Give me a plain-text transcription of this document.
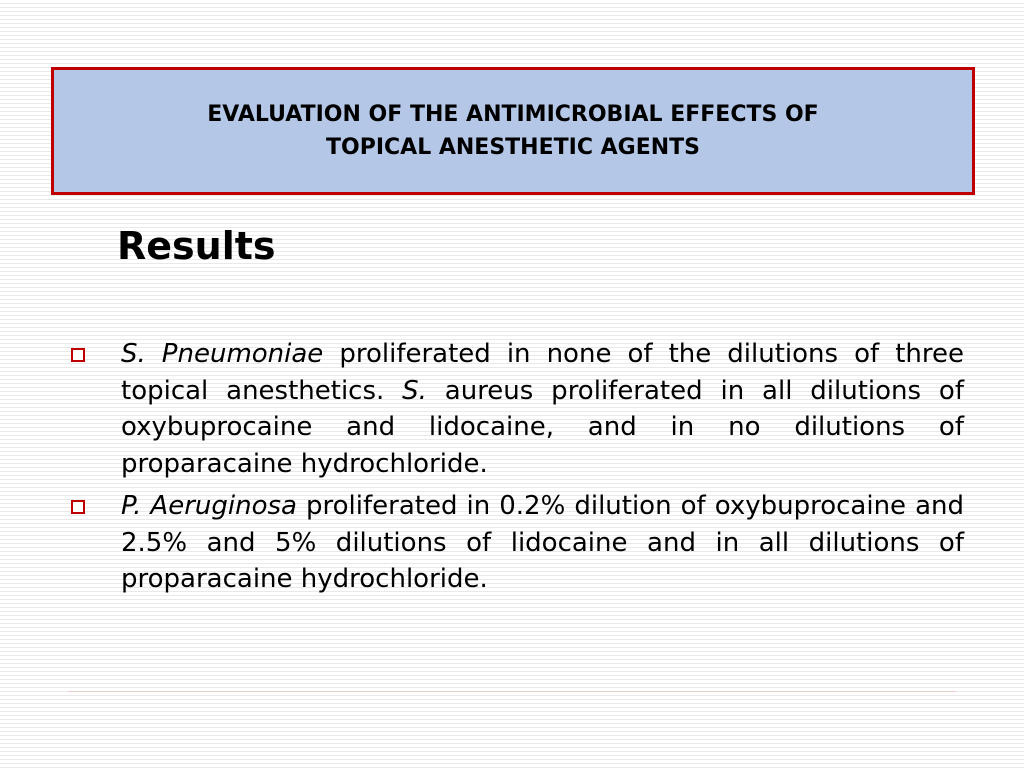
EVALUATION OF THE ANTIMICROBIAL EFFECTS OF
TOPICAL ANESTHETIC AGENTS
Results
S. Pneumoniae proliferated in none of the dilutions of three topical anesthetics. S. aureus proliferated in all dilutions of oxybuprocaine and lidocaine, and in no dilutions of proparacaine hydrochloride.
P. Aeruginosa proliferated in 0.2% dilution of oxybuprocaine and 2.5% and 5% dilutions of lidocaine and in all dilutions of proparacaine hydrochloride.
